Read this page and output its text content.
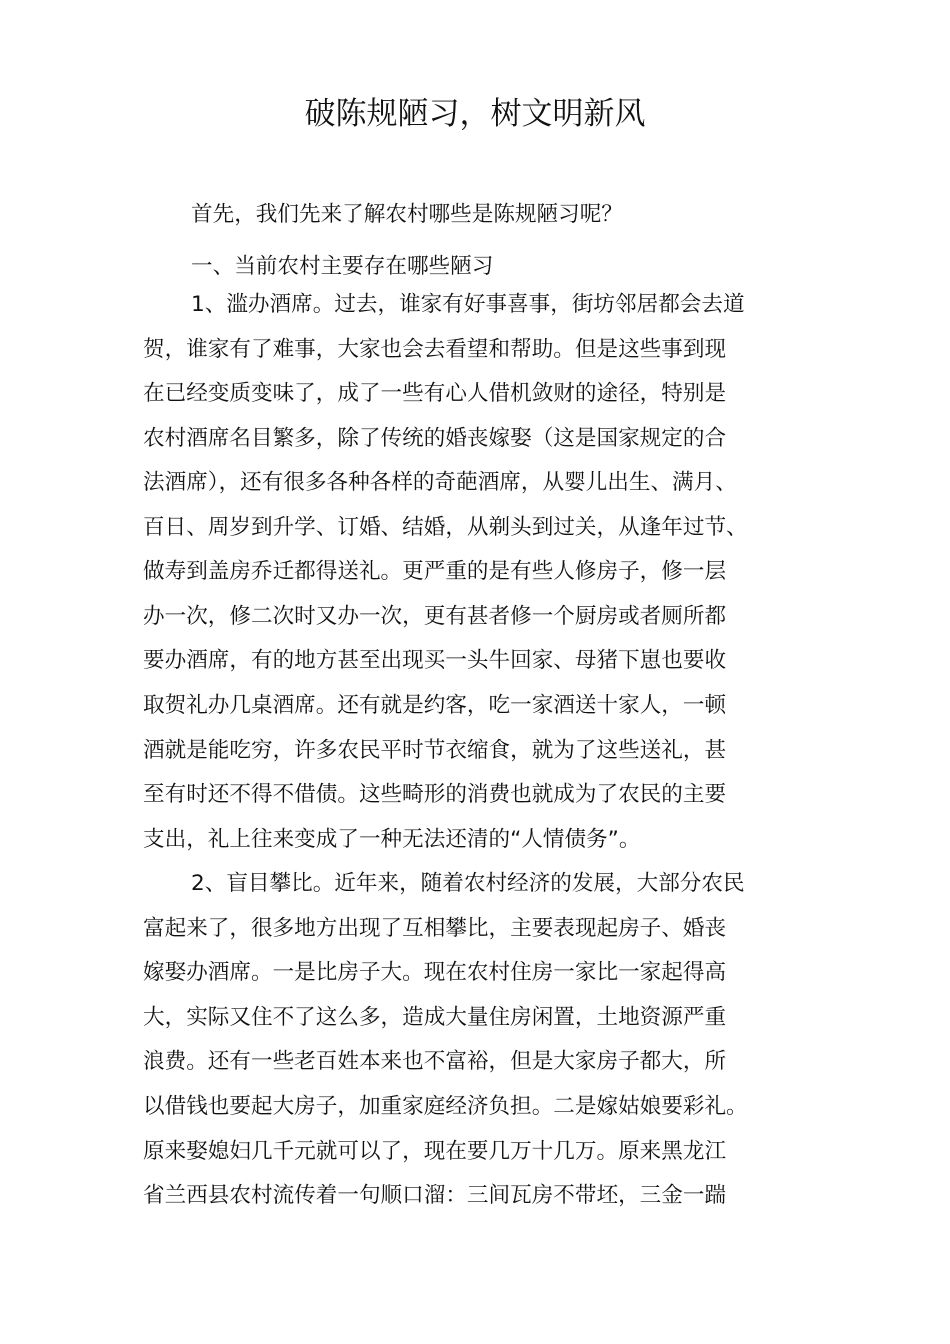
破陈规陋习，树文明新风
首先，我们先来了解农村哪些是陈规陋习呢？
一、当前农村主要存在哪些陋习
1、滥办酒席。过去，谁家有好事喜事，街坊邻居都会去道
贺，谁家有了难事，大家也会去看望和帮助。但是这些事到现
在已经变质变味了，成了一些有心人借机敛财的途径，特别是
农村酒席名目繁多，除了传统的婚丧嫁娶（这是国家规定的合
法酒席），还有很多各种各样的奇葩酒席，从婴儿出生、满月、
百日、周岁到升学、订婚、结婚，从剃头到过关，从逢年过节、
做寿到盖房乔迁都得送礼。更严重的是有些人修房子，修一层
办一次，修二次时又办一次，更有甚者修一个厨房或者厕所都
要办酒席，有的地方甚至出现买一头牛回家、母猪下崽也要收
取贺礼办几桌酒席。还有就是约客，吃一家酒送十家人，一顿
酒就是能吃穷，许多农民平时节衣缩食，就为了这些送礼，甚
至有时还不得不借债。这些畸形的消费也就成为了农民的主要
支出，礼上往来变成了一种无法还清的“人情债务”。
2、盲目攀比。近年来，随着农村经济的发展，大部分农民
富起来了，很多地方出现了互相攀比，主要表现起房子、婚丧
嫁娶办酒席。一是比房子大。现在农村住房一家比一家起得高
大，实际又住不了这么多，造成大量住房闲置，土地资源严重
浪费。还有一些老百姓本来也不富裕，但是大家房子都大，所
以借钱也要起大房子，加重家庭经济负担。二是嫁姑娘要彩礼。
原来娶媳妇几千元就可以了，现在要几万十几万。原来黑龙江
省兰西县农村流传着一句顺口溜：三间瓦房不带坯，三金一踹
